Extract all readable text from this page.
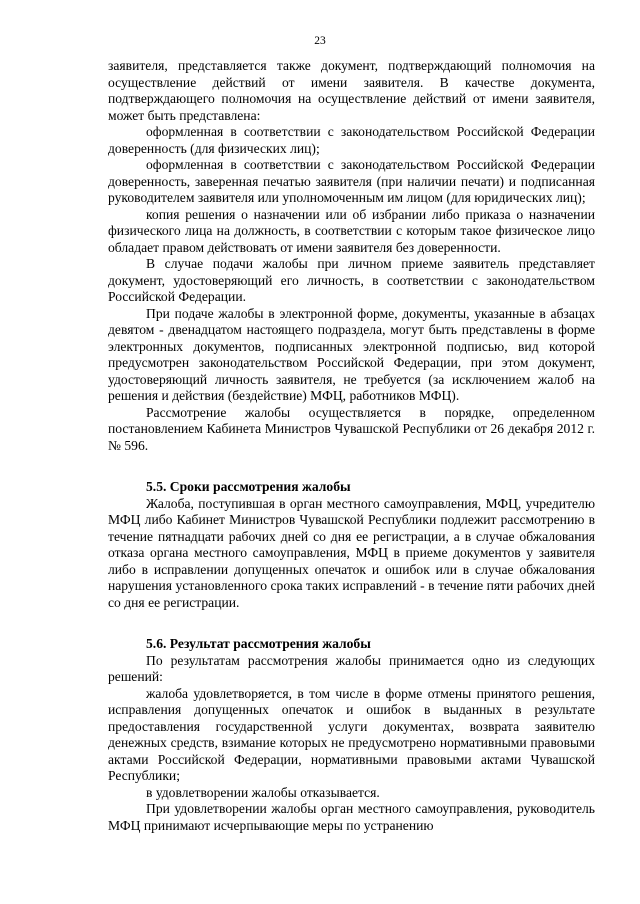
23

заявителя, представляется также документ, подтверждающий полномочия на осуществление действий от имени заявителя. В качестве документа, подтверждающего полномочия на осуществление действий от имени заявителя, может быть представлена:

оформленная в соответствии с законодательством Российской Федерации доверенность (для физических лиц);

оформленная в соответствии с законодательством Российской Федерации доверенность, заверенная печатью заявителя (при наличии печати) и подписанная руководителем заявителя или уполномоченным им лицом (для юридических лиц);

копия решения о назначении или об избрании либо приказа о назначении физического лица на должность, в соответствии с которым такое физическое лицо обладает правом действовать от имени заявителя без доверенности.

В случае подачи жалобы при личном приеме заявитель представляет документ, удостоверяющий его личность, в соответствии с законодательством Российской Федерации.

При подаче жалобы в электронной форме, документы, указанные в абзацах девятом - двенадцатом настоящего подраздела, могут быть представлены в форме электронных документов, подписанных электронной подписью, вид которой предусмотрен законодательством Российской Федерации, при этом документ, удостоверяющий личность заявителя, не требуется (за исключением жалоб на решения и действия (бездействие) МФЦ, работников МФЦ).

Рассмотрение жалобы осуществляется в порядке, определенном постановлением Кабинета Министров Чувашской Республики от 26 декабря 2012 г. № 596.

5.5. Сроки рассмотрения жалобы

Жалоба, поступившая в орган местного самоуправления, МФЦ, учредителю МФЦ либо Кабинет Министров Чувашской Республики подлежит рассмотрению в течение пятнадцати рабочих дней со дня ее регистрации, а в случае обжалования отказа органа местного самоуправления, МФЦ в приеме документов у заявителя либо в исправлении допущенных опечаток и ошибок или в случае обжалования нарушения установленного срока таких исправлений - в течение пяти рабочих дней со дня ее регистрации.

5.6. Результат рассмотрения жалобы

По результатам рассмотрения жалобы принимается одно из следующих решений:

жалоба удовлетворяется, в том числе в форме отмены принятого решения, исправления допущенных опечаток и ошибок в выданных в результате предоставления государственной услуги документах, возврата заявителю денежных средств, взимание которых не предусмотрено нормативными правовыми актами Российской Федерации, нормативными правовыми актами Чувашской Республики;

в удовлетворении жалобы отказывается.

При удовлетворении жалобы орган местного самоуправления, руководитель МФЦ принимают исчерпывающие меры по устранению
